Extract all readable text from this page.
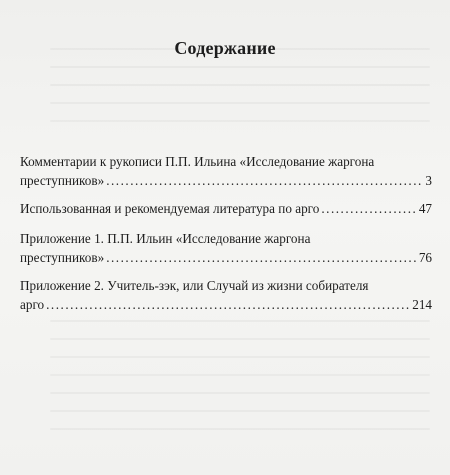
Содержание
Комментарии к рукописи П.П. Ильина «Исследование жаргона
преступников» .....	3
Использованная и рекомендуемая литература по арго .....	47
Приложение 1. П.П. Ильин «Исследование жаргона
преступников» .....	76
Приложение 2. Учитель-зэк, или Случай из жизни собирателя
арго .....	214
